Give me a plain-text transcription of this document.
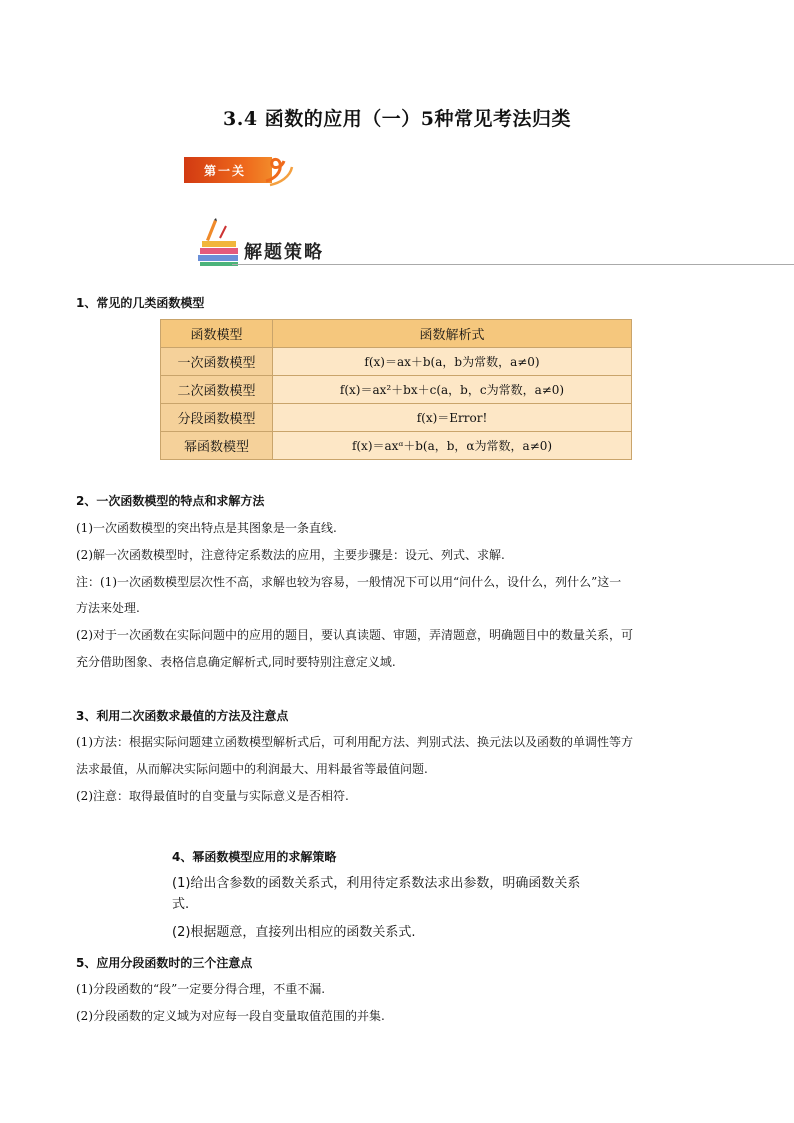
3.4 函数的应用（一）5种常见考法归类
第一关
解题策略
1、常见的几类函数模型
函数模型	函数解析式
一次函数模型	f(x)＝ax＋b(a，b为常数，a≠0)
二次函数模型	f(x)＝ax²＋bx＋c(a，b，c为常数，a≠0)
分段函数模型	f(x)＝Error!
幂函数模型	f(x)＝axᵅ＋b(a，b，α为常数，a≠0)
2、一次函数模型的特点和求解方法
(1)一次函数模型的突出特点是其图象是一条直线.
(2)解一次函数模型时，注意待定系数法的应用，主要步骤是：设元、列式、求解.
注：(1)一次函数模型层次性不高，求解也较为容易，一般情况下可以用“问什么，设什么，列什么”这一
方法来处理.
(2)对于一次函数在实际问题中的应用的题目，要认真读题、审题，弄清题意，明确题目中的数量关系，可
充分借助图象、表格信息确定解析式,同时要特别注意定义域.
3、利用二次函数求最值的方法及注意点
(1)方法：根据实际问题建立函数模型解析式后，可利用配方法、判别式法、换元法以及函数的单调性等方
法求最值，从而解决实际问题中的利润最大、用料最省等最值问题.
(2)注意：取得最值时的自变量与实际意义是否相符.
4、幂函数模型应用的求解策略
(1)给出含参数的函数关系式，利用待定系数法求出参数，明确函数关系
式.
(2)根据题意，直接列出相应的函数关系式.
5、应用分段函数时的三个注意点
(1)分段函数的“段”一定要分得合理，不重不漏.
(2)分段函数的定义域为对应每一段自变量取值范围的并集.
